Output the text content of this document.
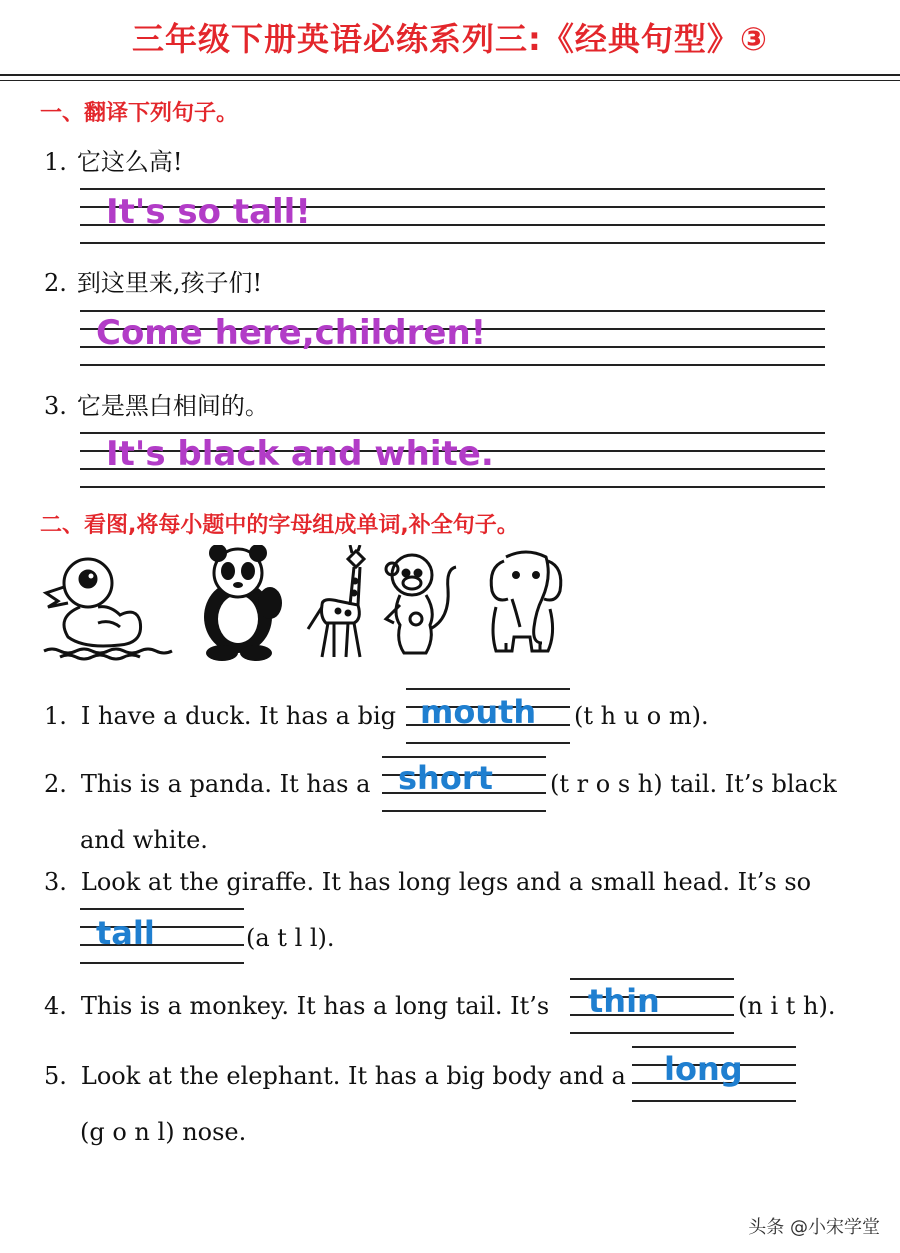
三年级下册英语必练系列三:《经典句型》③
一、翻译下列句子。
1. 它这么高!
It's so tall!
2. 到这里来,孩子们!
Come here,children!
3. 它是黑白相间的。
It's black and white.
二、看图,将每小题中的字母组成单词,补全句子。
1. I have a duck. It has a big mouth (t h u o m).
2. This is a panda. It has a short (t r o s h) tail. It’s black
and white.
3. Look at the giraffe. It has long legs and a small head. It’s so
tall	(a t l l).
4. This is a monkey. It has a long tail. It’s thin	(n i t h).
5. Look at the elephant. It has a big body and a long
(g o n l) nose.
头条 @小宋学堂
